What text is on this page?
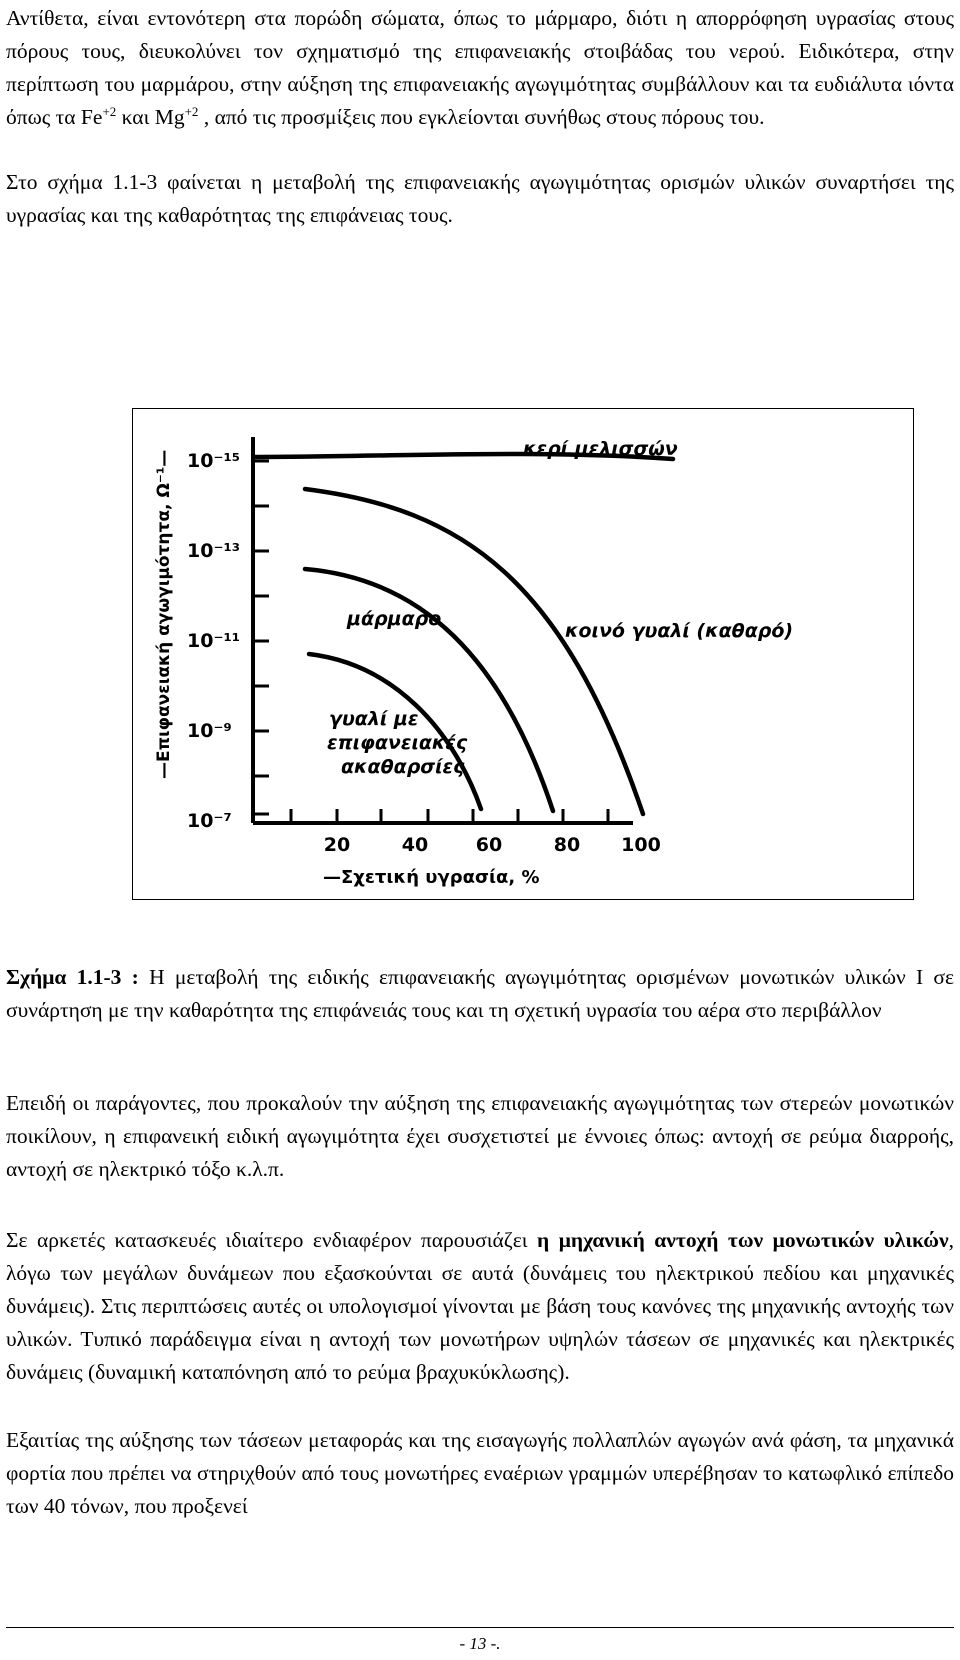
Αντίθετα, είναι εντονότερη στα πορώδη σώματα, όπως το μάρμαρο, διότι η απορρόφηση υγρασίας στους πόρους τους, διευκολύνει τον σχηματισμό της επιφανειακής στοιβάδας του νερού. Ειδικότερα, στην περίπτωση του μαρμάρου, στην αύξηση της επιφανειακής αγωγιμότητας συμβάλλουν και τα ευδιάλυτα ιόντα όπως τα $Fe^{+2}$ και $Mg^{+2}$ , από τις προσμίξεις που εγκλείονται συνήθως στους πόρους του.

Στο σχήμα 1.1-3 φαίνεται η μεταβολή της επιφανειακής αγωγιμότητας ορισμών υλικών συναρτήσει της υγρασίας και της καθαρότητας της επιφάνειας τους.

10⁻¹⁵
10⁻¹³
10⁻¹¹
10⁻⁹
10⁻⁷
20	40	60	80 100
—Σχετική υγρασία, %
—Επιφανειακή αγωγιμότητα, Ω⁻¹—
κερί μελισσών
κοινό γυαλί (καθαρό)
μάρμαρο
γυαλί με
επιφανειακές
ακαθαρσίες

Σχήμα 1.1-3 : Η μεταβολή της ειδικής επιφανειακής αγωγιμότητας ορισμένων μονωτικών υλικών Ι σε συνάρτηση με την καθαρότητα της επιφάνειάς τους και τη σχετική υγρασία του αέρα στο περιβάλλον

Επειδή οι παράγοντες, που προκαλούν την αύξηση της επιφανειακής αγωγιμότητας των στερεών μονωτικών ποικίλουν, η επιφανεική ειδική αγωγιμότητα έχει συσχετιστεί με έννοιες όπως: αντοχή σε ρεύμα διαρροής, αντοχή σε ηλεκτρικό τόξο κ.λ.π.

Σε αρκετές κατασκευές ιδιαίτερο ενδιαφέρον παρουσιάζει η μηχανική αντοχή των μονωτικών υλικών, λόγω των μεγάλων δυνάμεων που εξασκούνται σε αυτά (δυνάμεις του ηλεκτρικού πεδίου και μηχανικές δυνάμεις). Στις περιπτώσεις αυτές οι υπολογισμοί γίνονται με βάση τους κανόνες της μηχανικής αντοχής των υλικών. Τυπικό παράδειγμα είναι η αντοχή των μονωτήρων υψηλών τάσεων σε μηχανικές και ηλεκτρικές δυνάμεις (δυναμική καταπόνηση από το ρεύμα βραχυκύκλωσης).

Εξαιτίας της αύξησης των τάσεων μεταφοράς και της εισαγωγής πολλαπλών αγωγών ανά φάση, τα μηχανικά φορτία που πρέπει να στηριχθούν από τους μονωτήρες εναέριων γραμμών υπερέβησαν το κατωφλικό επίπεδο των 40 τόνων, που προξενεί

- 13 -.
